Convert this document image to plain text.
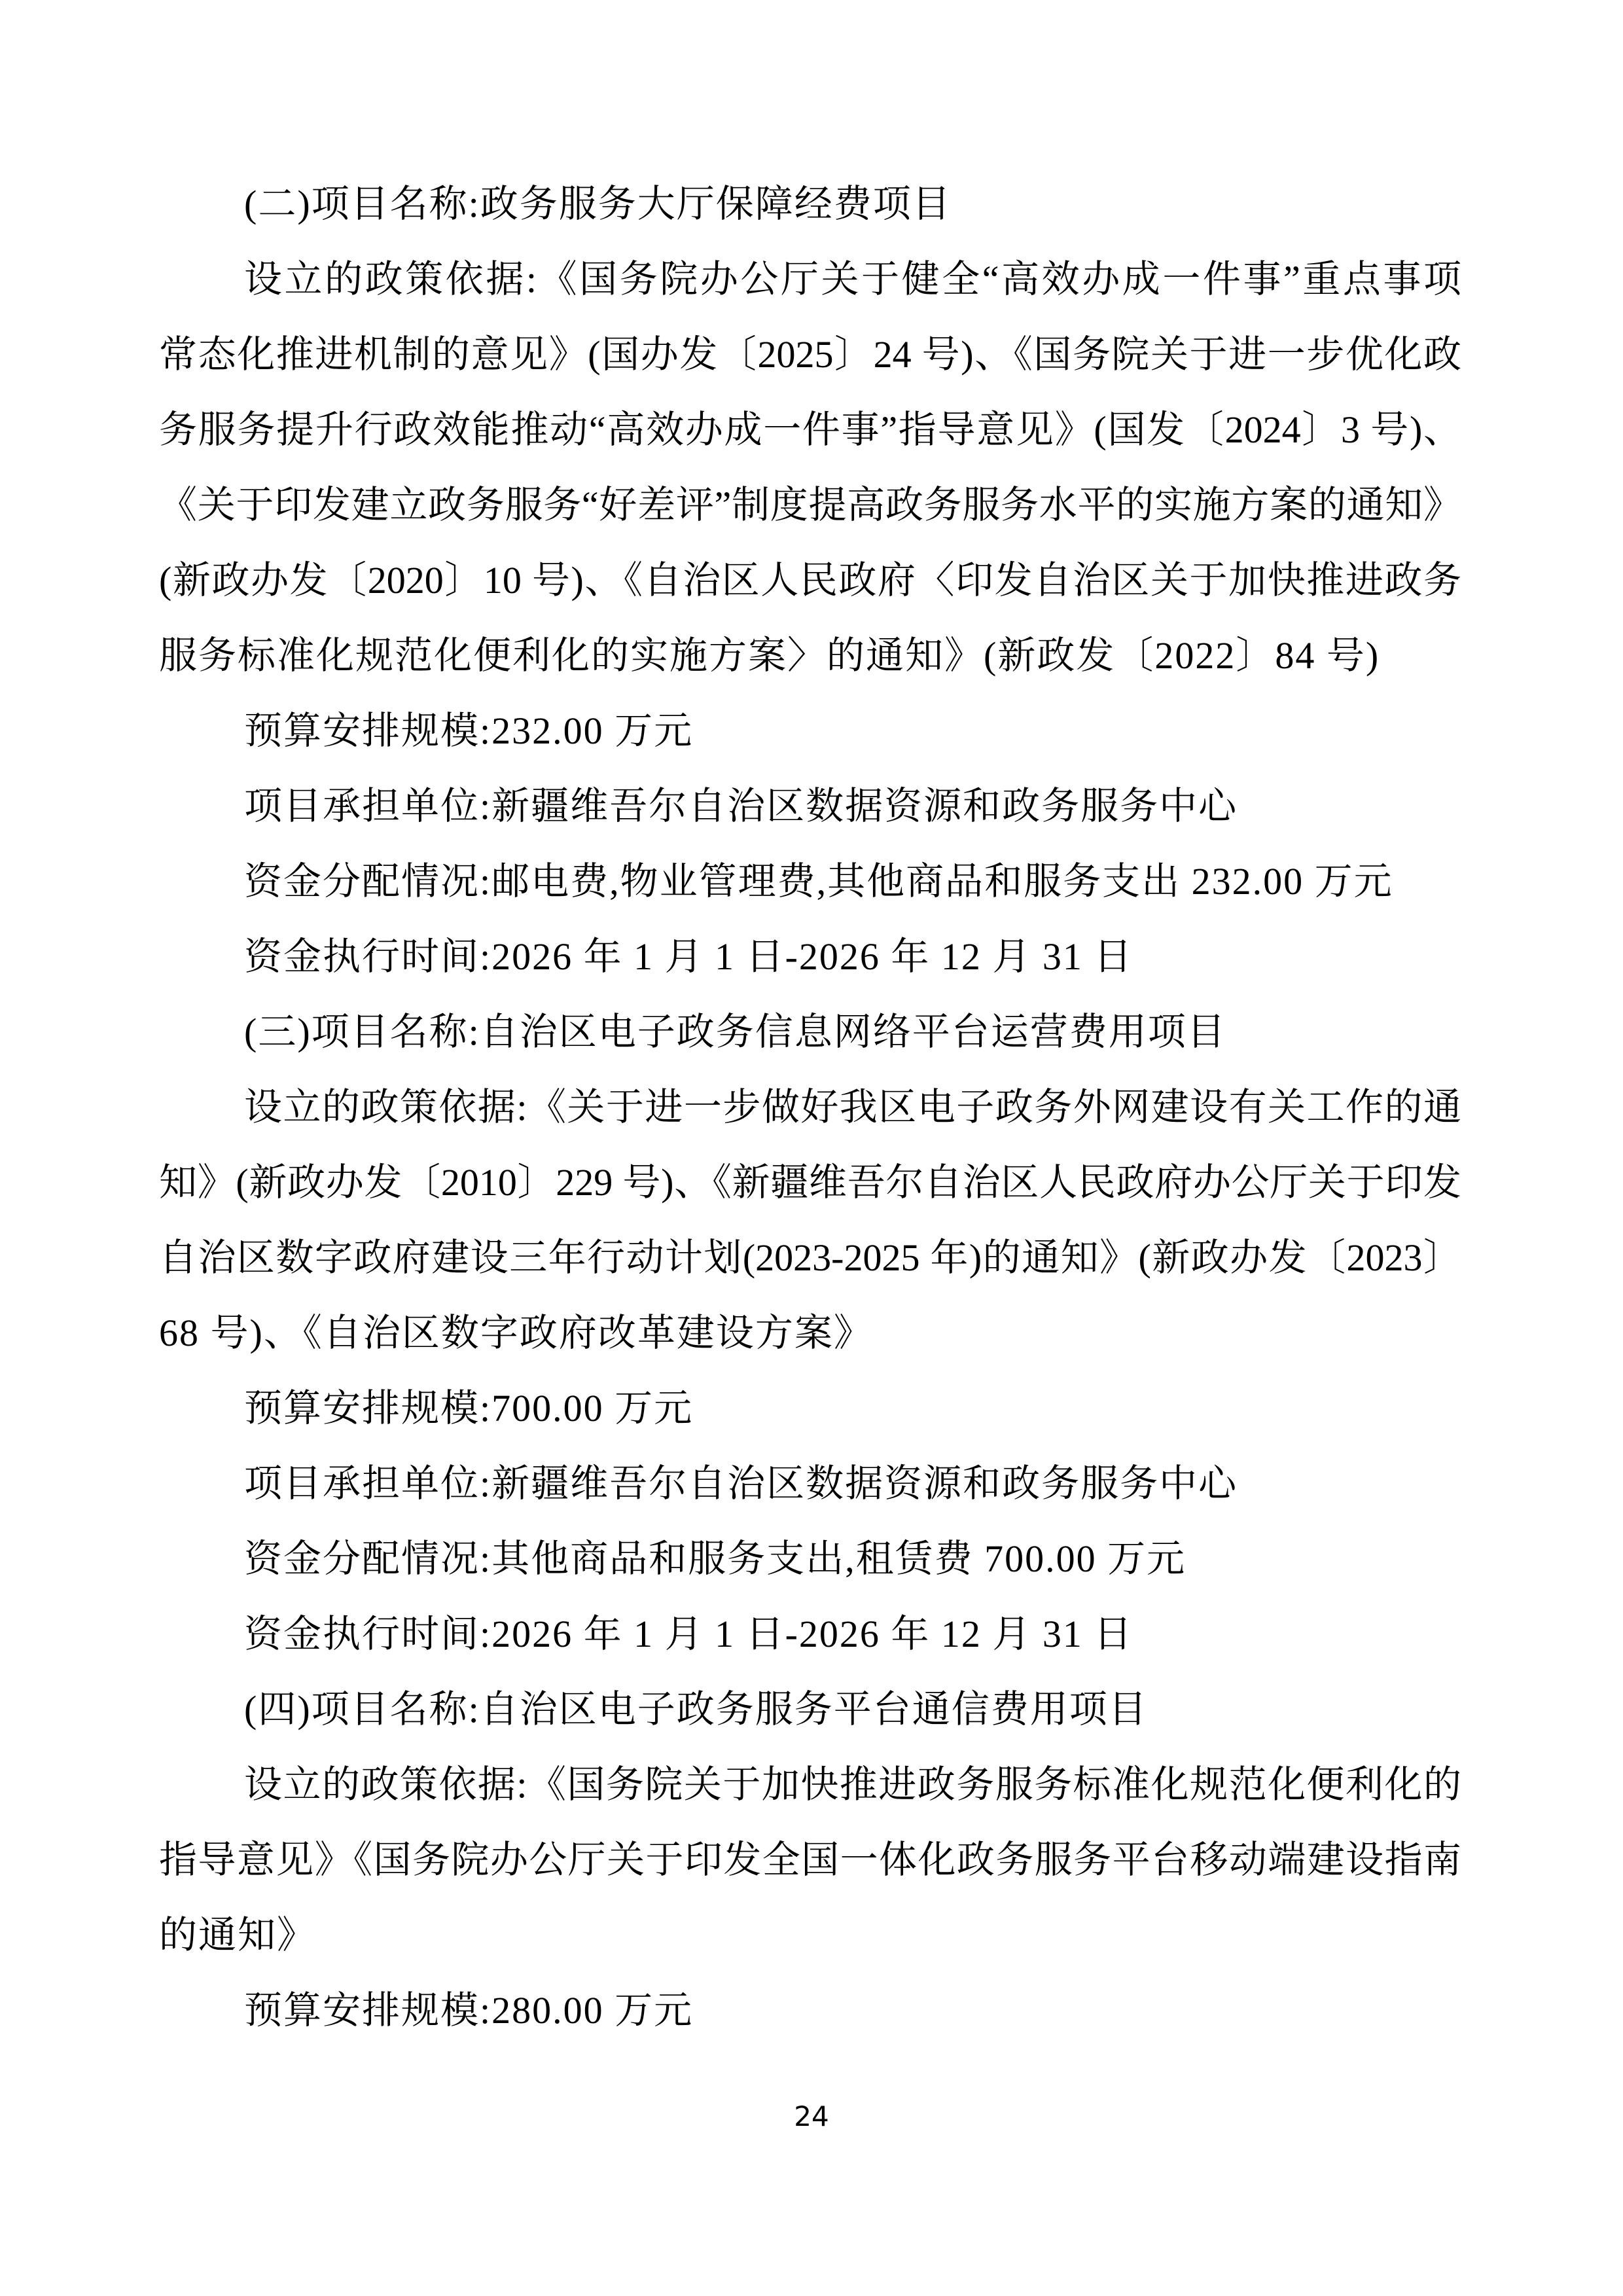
(二)项目名称:政务服务大厅保障经费项目
设立的政策依据:《国务院办公厅关于健全“高效办成一件事”重点事项
常态化推进机制的意见》(国办发〔2025〕24 号)、《国务院关于进一步优化政
务服务提升行政效能推动“高效办成一件事”指导意见》(国发〔2024〕3 号)、
《关于印发建立政务服务“好差评”制度提高政务服务水平的实施方案的通知》
(新政办发〔2020〕10 号)、《自治区人民政府〈印发自治区关于加快推进政务
服务标准化规范化便利化的实施方案〉的通知》(新政发〔2022〕84 号)
预算安排规模:232.00 万元
项目承担单位:新疆维吾尔自治区数据资源和政务服务中心
资金分配情况:邮电费,物业管理费,其他商品和服务支出 232.00 万元
资金执行时间:2026 年 1 月 1 日-2026 年 12 月 31 日
(三)项目名称:自治区电子政务信息网络平台运营费用项目
设立的政策依据:《关于进一步做好我区电子政务外网建设有关工作的通
知》(新政办发〔2010〕229 号)、《新疆维吾尔自治区人民政府办公厅关于印发
自治区数字政府建设三年行动计划(2023-2025 年)的通知》(新政办发〔2023〕
68 号)、《自治区数字政府改革建设方案》
预算安排规模:700.00 万元
项目承担单位:新疆维吾尔自治区数据资源和政务服务中心
资金分配情况:其他商品和服务支出,租赁费 700.00 万元
资金执行时间:2026 年 1 月 1 日-2026 年 12 月 31 日
(四)项目名称:自治区电子政务服务平台通信费用项目
设立的政策依据:《国务院关于加快推进政务服务标准化规范化便利化的
指导意见》《国务院办公厅关于印发全国一体化政务服务平台移动端建设指南
的通知》
预算安排规模:280.00 万元
24
